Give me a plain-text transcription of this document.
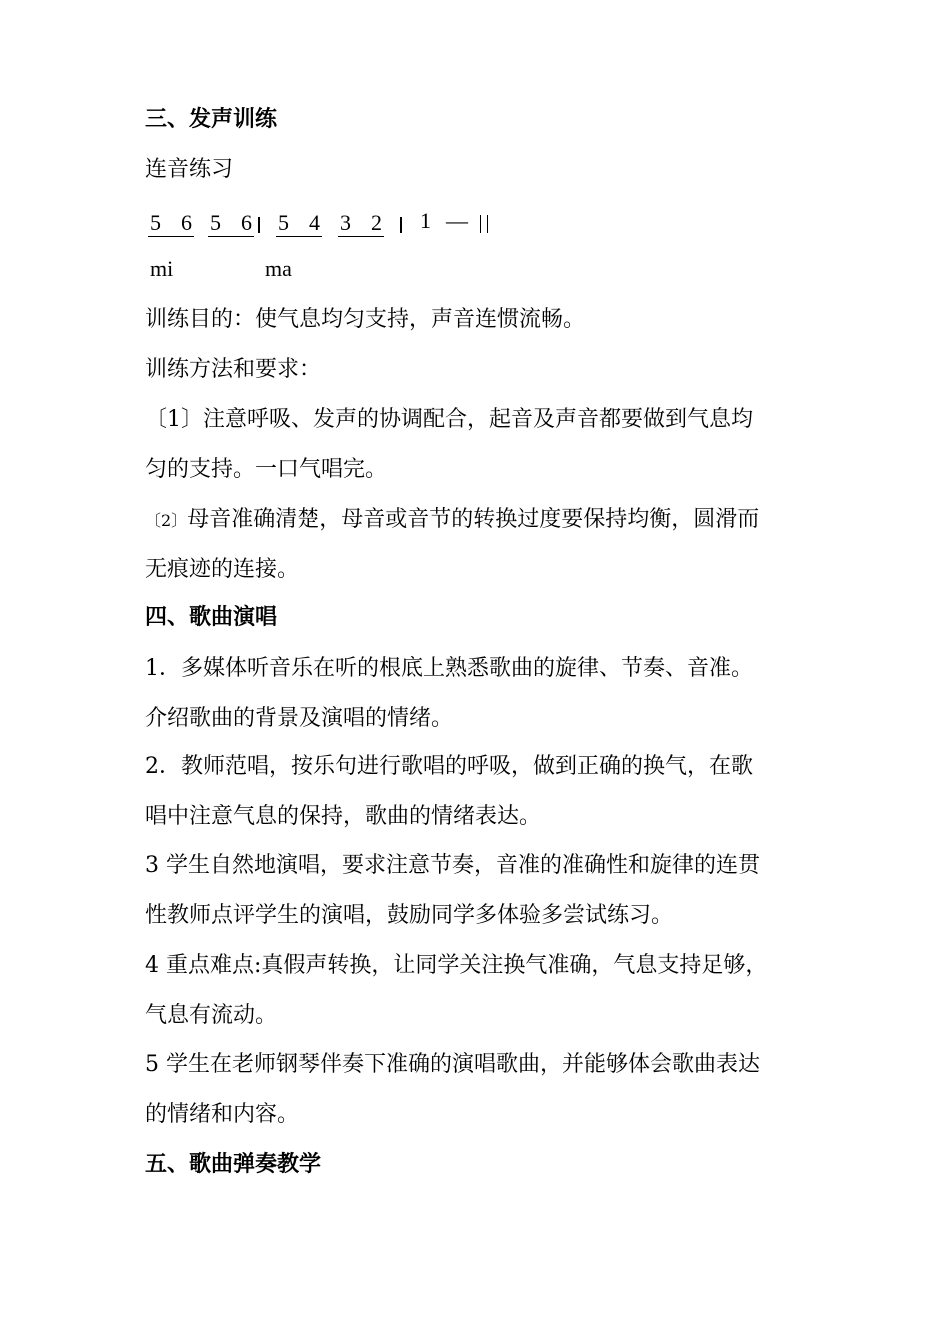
三、发声训练
连音练习
5 6 5 6 5 4 3 2 1 —
mi	ma
训练目的：使气息均匀支持，声音连惯流畅。
训练方法和要求：
〔1〕注意呼吸、发声的协调配合，起音及声音都要做到气息均
匀的支持。一口气唱完。
〔2〕母音准确清楚，母音或音节的转换过度要保持均衡，圆滑而
无痕迹的连接。
四、歌曲演唱
1．多媒体听音乐在听的根底上熟悉歌曲的旋律、节奏、音准。
介绍歌曲的背景及演唱的情绪。
2．教师范唱，按乐句进行歌唱的呼吸，做到正确的换气，在歌
唱中注意气息的保持，歌曲的情绪表达。
3 学生自然地演唱，要求注意节奏，音准的准确性和旋律的连贯
性教师点评学生的演唱，鼓励同学多体验多尝试练习。
4 重点难点:真假声转换，让同学关注换气准确，气息支持足够，
气息有流动。
5 学生在老师钢琴伴奏下准确的演唱歌曲，并能够体会歌曲表达
的情绪和内容。
五、歌曲弹奏教学
